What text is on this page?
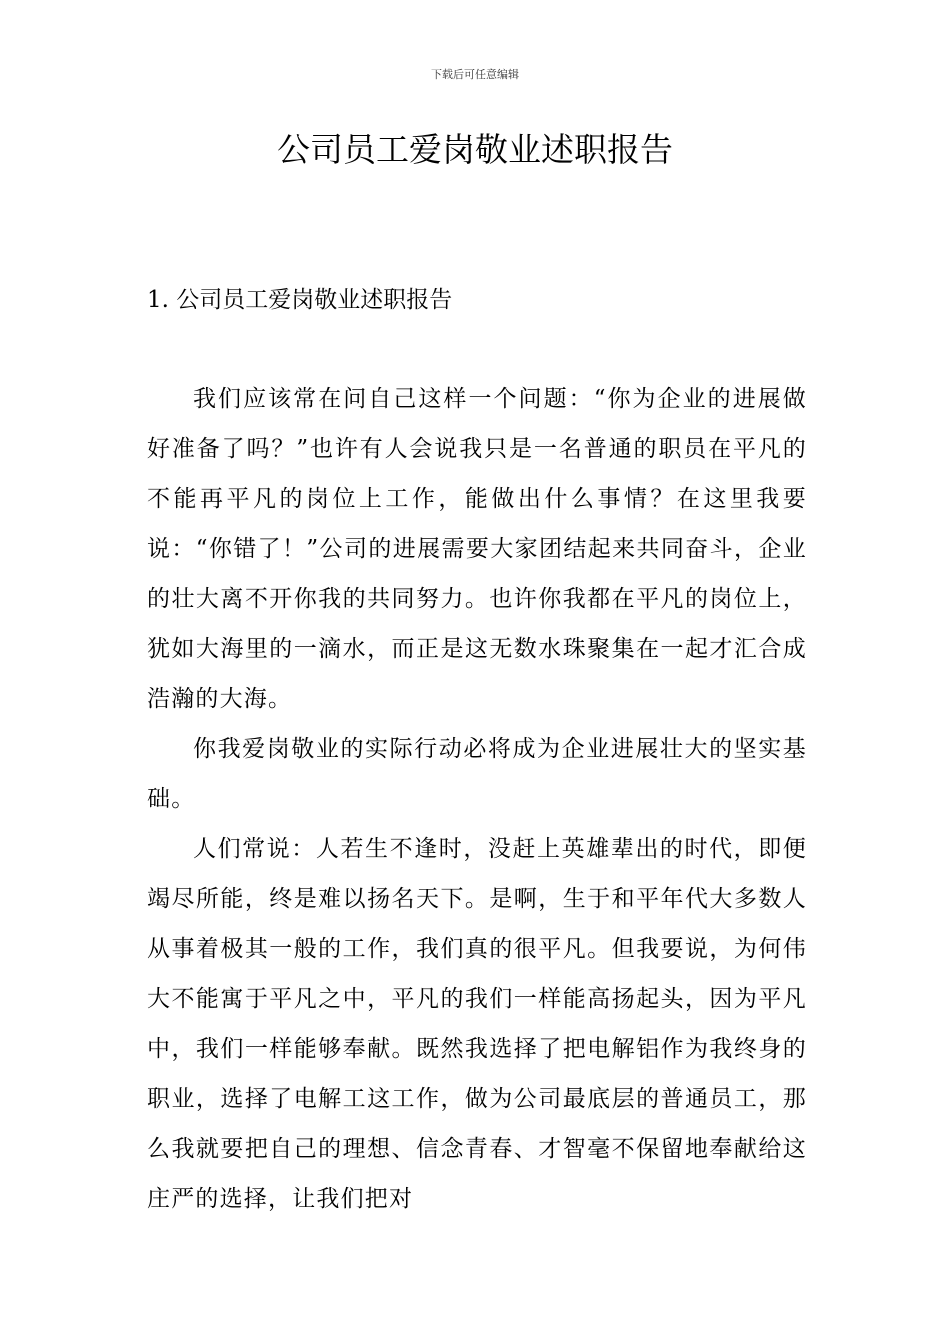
下载后可任意编辑
公司员工爱岗敬业述职报告
1. 公司员工爱岗敬业述职报告

我们应该常在问自己这样一个问题：“你为企业的进展做好准备了吗？”也许有人会说我只是一名普通的职员在平凡的不能再平凡的岗位上工作，能做出什么事情？在这里我要说：“你错了！”公司的进展需要大家团结起来共同奋斗，企业的壮大离不开你我的共同努力。也许你我都在平凡的岗位上，犹如大海里的一滴水，而正是这无数水珠聚集在一起才汇合成浩瀚的大海。

你我爱岗敬业的实际行动必将成为企业进展壮大的坚实基础。

人们常说：人若生不逢时，没赶上英雄辈出的时代，即便竭尽所能，终是难以扬名天下。是啊，生于和平年代大多数人从事着极其一般的工作，我们真的很平凡。但我要说，为何伟大不能寓于平凡之中，平凡的我们一样能高扬起头，因为平凡中，我们一样能够奉献。既然我选择了把电解铝作为我终身的职业，选择了电解工这工作，做为公司最底层的普通员工，那么我就要把自己的理想、信念青春、才智毫不保留地奉献给这庄严的选择，让我们把对
